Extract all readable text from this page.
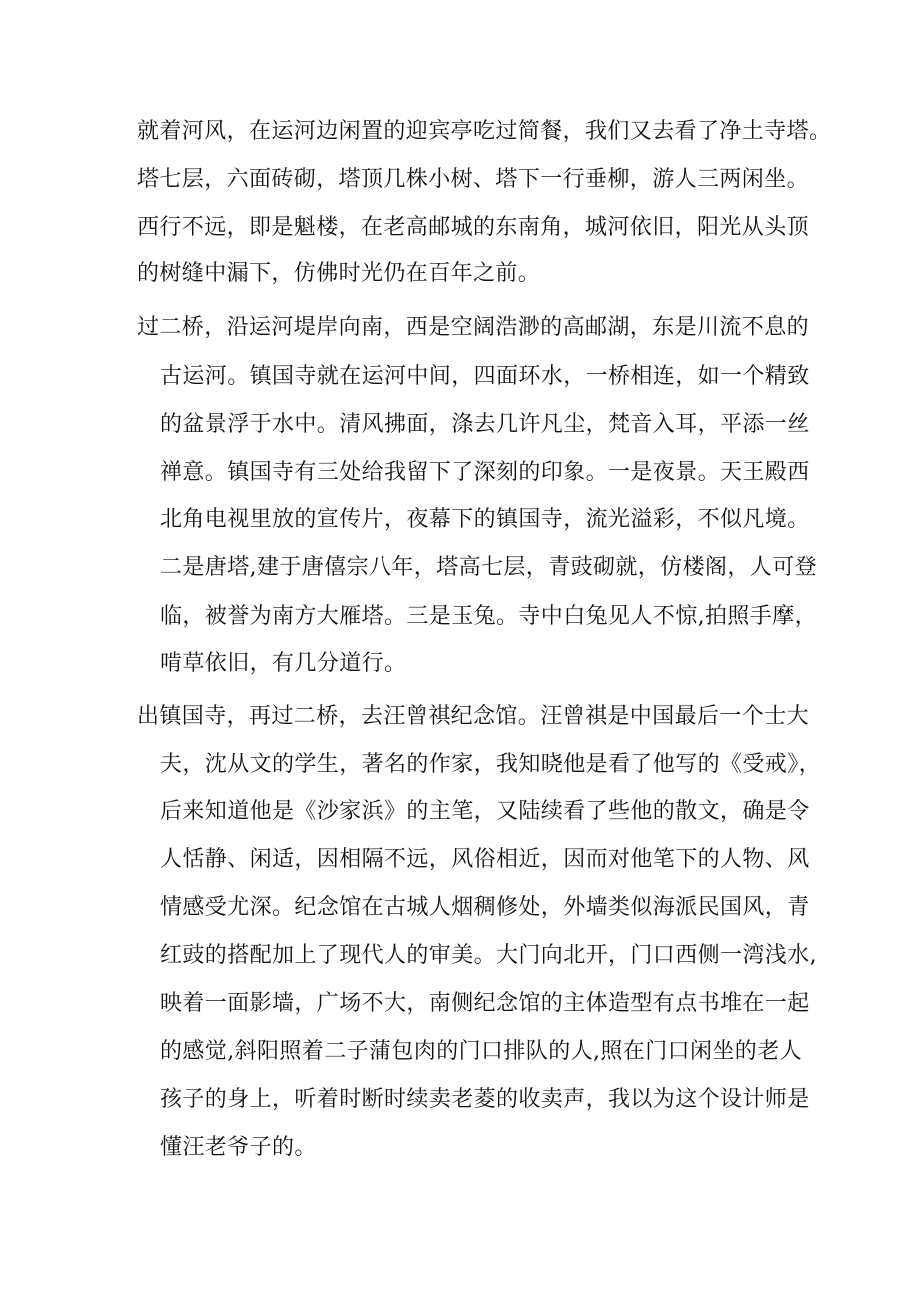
就着河风，在运河边闲置的迎宾亭吃过简餐，我们又去看了净土寺塔。
塔七层，六面砖砌，塔顶几株小树、塔下一行垂柳，游人三两闲坐。
西行不远，即是魁楼，在老高邮城的东南角，城河依旧，阳光从头顶
的树缝中漏下，仿佛时光仍在百年之前。
过二桥，沿运河堤岸向南，西是空阔浩渺的高邮湖，东是川流不息的
古运河。镇国寺就在运河中间，四面环水，一桥相连，如一个精致
的盆景浮于水中。清风拂面，涤去几许凡尘，梵音入耳，平添一丝
禅意。镇国寺有三处给我留下了深刻的印象。一是夜景。天王殿西
北角电视里放的宣传片，夜幕下的镇国寺，流光溢彩，不似凡境。
二是唐塔,建于唐僖宗八年，塔高七层，青豉砌就，仿楼阁，人可登
临，被誉为南方大雁塔。三是玉兔。寺中白兔见人不惊,拍照手摩，
啃草依旧，有几分道行。
出镇国寺，再过二桥，去汪曾祺纪念馆。汪曾祺是中国最后一个士大
夫，沈从文的学生，著名的作家，我知晓他是看了他写的《受戒》，
后来知道他是《沙家浜》的主笔，又陆续看了些他的散文，确是令
人恬静、闲适，因相隔不远，风俗相近，因而对他笔下的人物、风
情感受尤深。纪念馆在古城人烟稠修处，外墙类似海派民国风，青
红豉的搭配加上了现代人的审美。大门向北开，门口西侧一湾浅水,
映着一面影墙，广场不大，南侧纪念馆的主体造型有点书堆在一起
的感觉,斜阳照着二子蒲包肉的门口排队的人,照在门口闲坐的老人
孩子的身上，听着时断时续卖老菱的收卖声，我以为这个设计师是
懂汪老爷子的。
